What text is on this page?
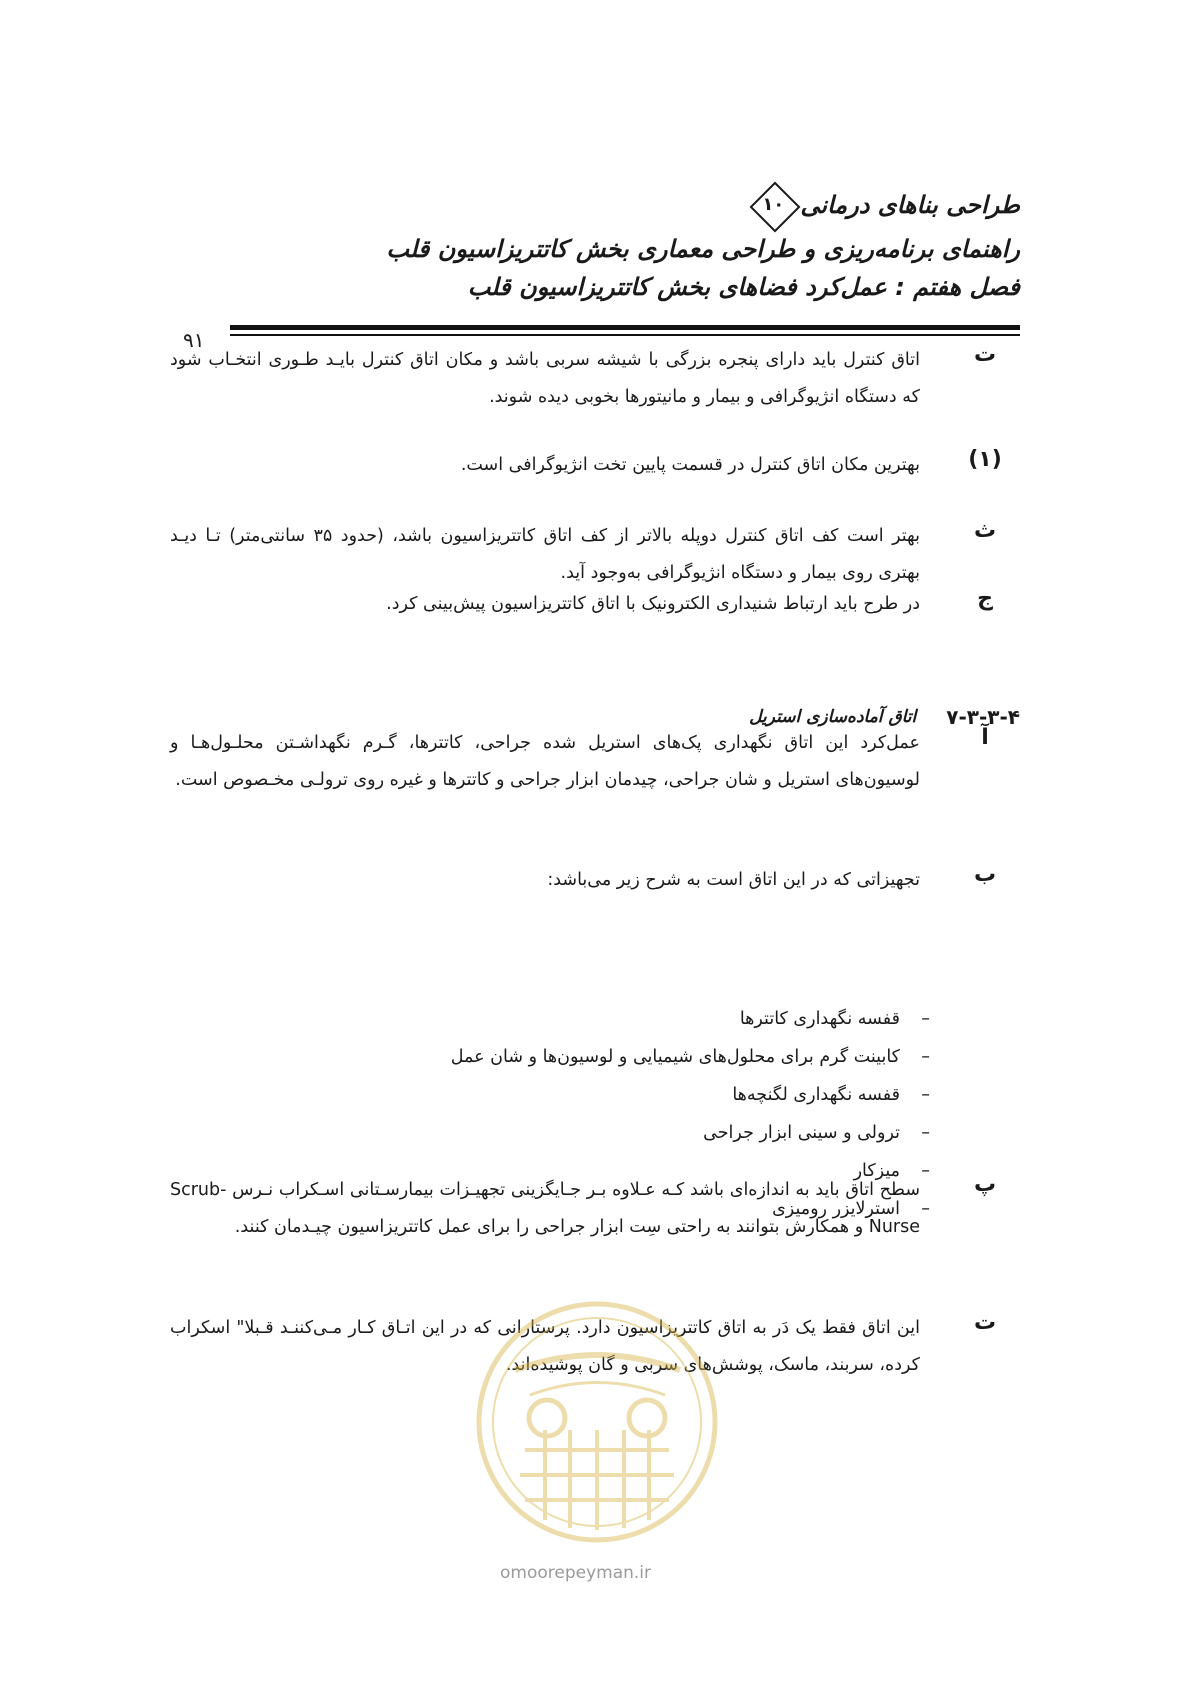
طراحی بناهای درمانی
۱۰
راهنمای برنامه‌ریزی و طراحی معماری بخش کاتتریزاسیون قلب
فصل هفتم : عمل‌کرد فضاهای بخش کاتتریزاسیون قلب
۹۱
ت
اتاق کنترل باید دارای پنجره بزرگی با شیشه سربی باشد و مکان اتاق کنترل بایـد طـوری انتخـاب شود که دستگاه انژیوگرافی و بیمار و مانیتورها بخوبی دیده شوند.
(۱)
بهترین مکان اتاق کنترل در قسمت پایین تخت انژیوگرافی است.
ث
بهتر است کف اتاق کنترل دوپله بالاتر از کف اتاق کاتتریزاسیون باشد، (حدود ۳۵ سانتی‌متر) تـا دیـد بهتری روی بیمار و دستگاه انژیوگرافی به‌وجود آید.
ج
در طرح باید ارتباط شنیداری الکترونیک با اتاق کاتتریزاسیون پیش‌بینی کرد.
۷-۳-۳-۴
اتاق آماده‌سازی استریل
آ
عمل‌کرد این اتاق نگهداری پک‌های استریل شده جراحی، کاتترها، گـرم نگهداشـتن محلـول‌هـا و لوسیون‌های استریل و شان جراحی، چیدمان ابزار جراحی و کاتترها و غیره روی ترولـی مخـصوص است.
ب
تجهیزاتی که در این اتاق است به شرح زیر می‌باشد:
–قفسه نگهداری کاتترها
–کابینت گرم برای محلول‌های شیمیایی و لوسیون‌ها و شان عمل
–قفسه نگهداری لگنچه‌ها
–ترولی و سینی ابزار جراحی
–میزکار
–استرلایزر رومیزی
پ
سطح اتاق باید به اندازه‌ای باشد کـه عـلاوه بـر جـایگزینی تجهیـزات بیمارسـتانی اسـکراب نـرس Scrub-Nurse و همکارش بتوانند به راحتی سِت ابزار جراحی را برای عمل کاتتریزاسیون چیـدمان کنند.
ت
این اتاق فقط یک دَر به اتاق کاتتریزاسیون دارد. پرستارانی که در این اتـاق کـار مـی‌کننـد قـبلا" اسکراب کرده، سربند، ماسک، پوشش‌های سربی و گان پوشیده‌اند.
omoorepeyman.ir
